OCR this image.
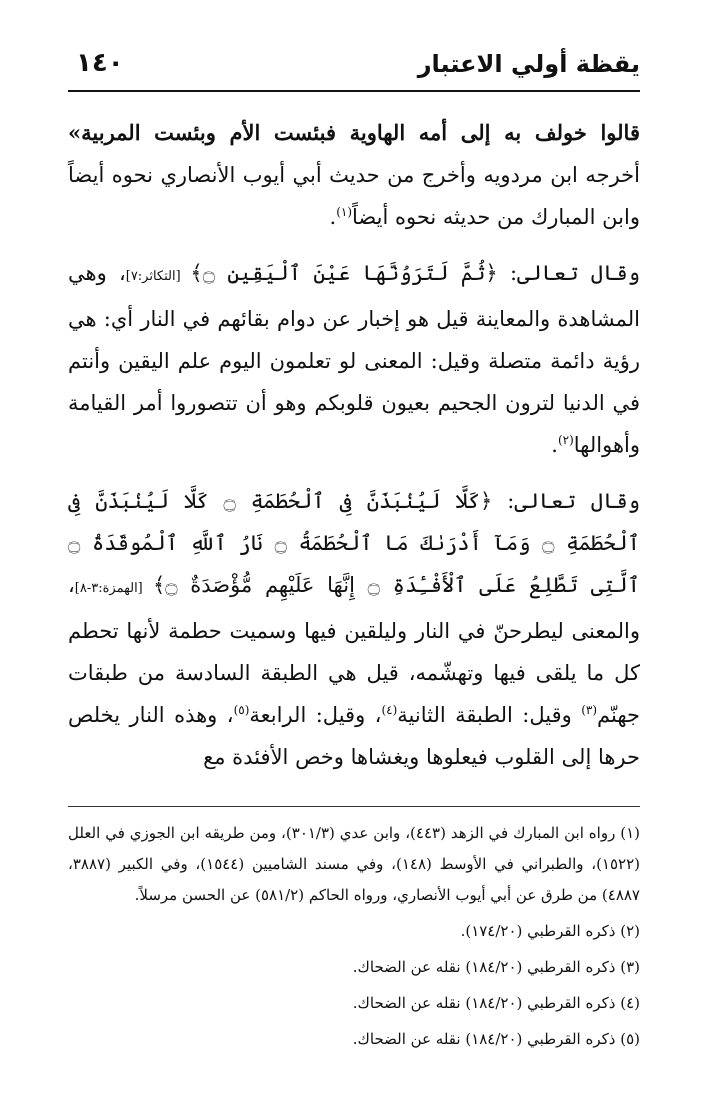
يقظة أولي الاعتبار
١٤٠

قالوا خولف به إلى أمه الهاوية فبئست الأم وبئست المربية» أخرجه ابن مردويه وأخرج من حديث أبي أيوب الأنصاري نحوه أيضاً وابن المبارك من حديثه نحوه أيضاً$^{(١)}$.

وقال تعالى: ﴿ثُمَّ لَتَرَوُنَّهَا عَيْنَ ٱلْيَقِينِ ۝﴾ [التكاثر:٧]، وهي المشاهدة والمعاينة قيل هو إخبار عن دوام بقائهم في النار أي: هي رؤية دائمة متصلة وقيل: المعنى لو تعلمون اليوم علم اليقين وأنتم في الدنيا لترون الجحيم بعيون قلوبكم وهو أن تتصوروا أمر القيامة وأهوالها$^{(٢)}$.

وقال تعالى: ﴿كَلَّا لَيُنۢبَذَنَّ فِى ٱلْحُطَمَةِ ۝ كَلَّا لَيُنۢبَذَنَّ فِى ٱلْحُطَمَةِ ۝ وَمَآ أَدْرَىٰكَ مَا ٱلْحُطَمَةُ ۝ نَارُ ٱللَّهِ ٱلْمُوقَدَةُ ۝ ٱلَّتِى تَطَّلِعُ عَلَى ٱلْأَفْـِٔدَةِ ۝ إِنَّهَا عَلَيْهِم مُّؤْصَدَةٌ ۝﴾ [الهمزة:٣-٨]، والمعنى ليطرحنّ في النار وليلقين فيها وسميت حطمة لأنها تحطم كل ما يلقى فيها وتهشّمه، قيل هي الطبقة السادسة من طبقات جهنّم$^{(٣)}$ وقيل: الطبقة الثانية$^{(٤)}$، وقيل: الرابعة$^{(٥)}$، وهذه النار يخلص حرها إلى القلوب فيعلوها ويغشاها وخص الأفئدة مع

(١) رواه ابن المبارك في الزهد (٤٤٣)، وابن عدي (٣٠١/٣)، ومن طريقه ابن الجوزي في العلل (١٥٢٢)، والطبراني في الأوسط (١٤٨)، وفي مسند الشاميين (١٥٤٤)، وفي الكبير (٣٨٨٧، ٤٨٨٧) من طرق عن أبي أيوب الأنصاري، ورواه الحاكم (٥٨١/٢) عن الحسن مرسلاً.
(٢) ذكره القرطبي (١٧٤/٢٠).
(٣) ذكره القرطبي (١٨٤/٢٠) نقله عن الضحاك.
(٤) ذكره القرطبي (١٨٤/٢٠) نقله عن الضحاك.
(٥) ذكره القرطبي (١٨٤/٢٠) نقله عن الضحاك.
